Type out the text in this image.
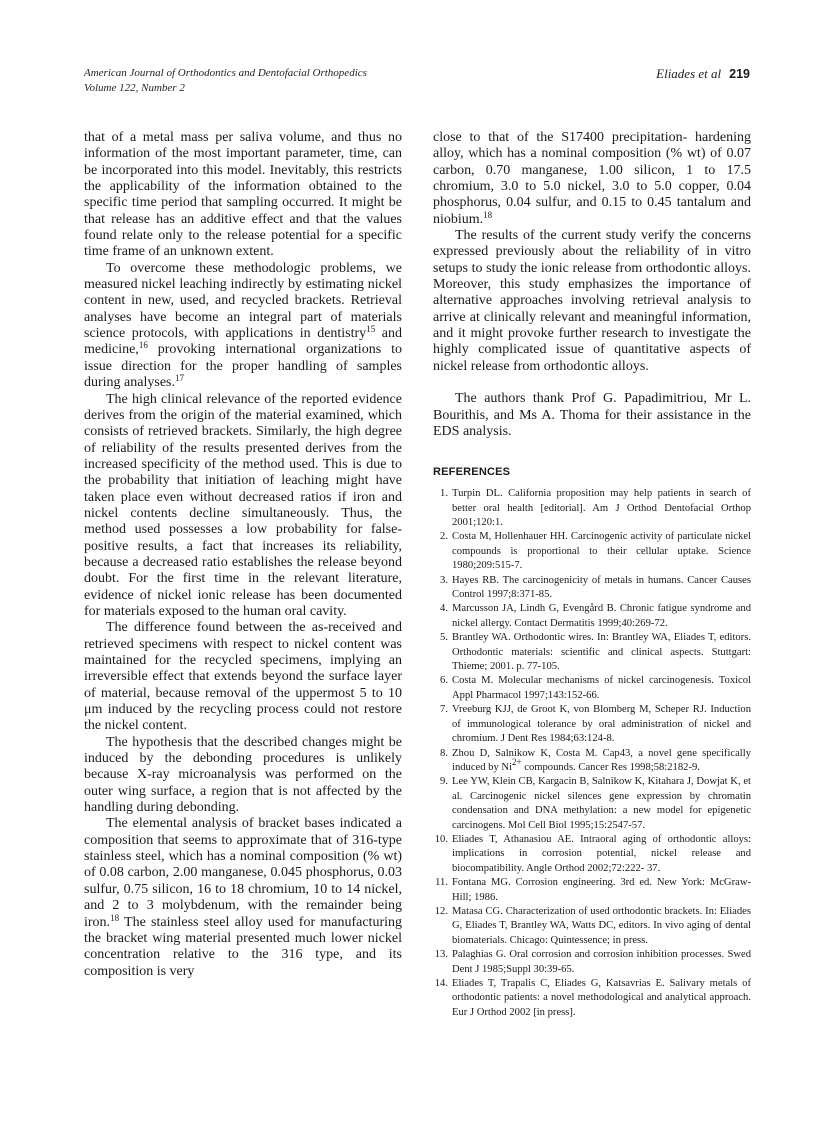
American Journal of Orthodontics and Dentofacial Orthopedics
Volume 122, Number 2
Eliades et al 219

that of a metal mass per saliva volume, and thus no information of the most important parameter, time, can be incorporated into this model. Inevitably, this restricts the applicability of the information obtained to the specific time period that sampling occurred. It might be that release has an additive effect and that the values found relate only to the release potential for a specific time frame of an unknown extent.

To overcome these methodologic problems, we measured nickel leaching indirectly by estimating nickel content in new, used, and recycled brackets. Retrieval analyses have become an integral part of materials science protocols, with applications in dentistry$^{15}$ and medicine,$^{16}$ provoking international organizations to issue direction for the proper handling of samples during analyses.$^{17}$

The high clinical relevance of the reported evidence derives from the origin of the material examined, which consists of retrieved brackets. Similarly, the high degree of reliability of the results presented derives from the increased specificity of the method used. This is due to the probability that initiation of leaching might have taken place even without decreased ratios if iron and nickel contents decline simultaneously. Thus, the method used possesses a low probability for false-positive results, a fact that increases its reliability, because a decreased ratio establishes the release beyond doubt. For the first time in the relevant literature, evidence of nickel ionic release has been documented for materials exposed to the human oral cavity.

The difference found between the as-received and retrieved specimens with respect to nickel content was maintained for the recycled specimens, implying an irreversible effect that extends beyond the surface layer of material, because removal of the uppermost 5 to 10 μm induced by the recycling process could not restore the nickel content.

The hypothesis that the described changes might be induced by the debonding procedures is unlikely because X-ray microanalysis was performed on the outer wing surface, a region that is not affected by the handling during debonding.

The elemental analysis of bracket bases indicated a composition that seems to approximate that of 316-type stainless steel, which has a nominal composition (% wt) of 0.08 carbon, 2.00 manganese, 0.045 phosphorus, 0.03 sulfur, 0.75 silicon, 16 to 18 chromium, 10 to 14 nickel, and 2 to 3 molybdenum, with the remainder being iron.$^{18}$ The stainless steel alloy used for manufacturing the bracket wing material presented much lower nickel concentration relative to the 316 type, and its composition is very

close to that of the S17400 precipitation- hardening alloy, which has a nominal composition (% wt) of 0.07 carbon, 0.70 manganese, 1.00 silicon, 1 to 17.5 chromium, 3.0 to 5.0 nickel, 3.0 to 5.0 copper, 0.04 phosphorus, 0.04 sulfur, and 0.15 to 0.45 tantalum and niobium.$^{18}$

The results of the current study verify the concerns expressed previously about the reliability of in vitro setups to study the ionic release from orthodontic alloys. Moreover, this study emphasizes the importance of alternative approaches involving retrieval analysis to arrive at clinically relevant and meaningful information, and it might provoke further research to investigate the highly complicated issue of quantitative aspects of nickel release from orthodontic alloys.

The authors thank Prof G. Papadimitriou, Mr L. Bourithis, and Ms A. Thoma for their assistance in the EDS analysis.

REFERENCES
1. Turpin DL. California proposition may help patients in search of better oral health [editorial]. Am J Orthod Dentofacial Orthop 2001;120:1.
2. Costa M, Hollenhauer HH. Carcinogenic activity of particulate nickel compounds is proportional to their cellular uptake. Science 1980;209:515-7.
3. Hayes RB. The carcinogenicity of metals in humans. Cancer Causes Control 1997;8:371-85.
4. Marcusson JA, Lindh G, Evengård B. Chronic fatigue syndrome and nickel allergy. Contact Dermatitis 1999;40:269-72.
5. Brantley WA. Orthodontic wires. In: Brantley WA, Eliades T, editors. Orthodontic materials: scientific and clinical aspects. Stuttgart: Thieme; 2001. p. 77-105.
6. Costa M. Molecular mechanisms of nickel carcinogenesis. Toxicol Appl Pharmacol 1997;143:152-66.
7. Vreeburg KJJ, de Groot K, von Blomberg M, Scheper RJ. Induction of immunological tolerance by oral administration of nickel and chromium. J Dent Res 1984;63:124-8.
8. Zhou D, Salnikow K, Costa M. Cap43, a novel gene specifically induced by $Ni^{2+}$ compounds. Cancer Res 1998;58:2182-9.
9. Lee YW, Klein CB, Kargacin B, Salnikow K, Kitahara J, Dowjat K, et al. Carcinogenic nickel silences gene expression by chromatin condensation and DNA methylation: a new model for epigenetic carcinogens. Mol Cell Biol 1995;15:2547-57.
10. Eliades T, Athanasiou AE. Intraoral aging of orthodontic alloys: implications in corrosion potential, nickel release and biocompatibility. Angle Orthod 2002;72:222- 37.
11. Fontana MG. Corrosion engineering. 3rd ed. New York: McGraw-Hill; 1986.
12. Matasa CG. Characterization of used orthodontic brackets. In: Eliades G, Eliades T, Brantley WA, Watts DC, editors. In vivo aging of dental biomaterials. Chicago: Quintessence; in press.
13. Palaghias G. Oral corrosion and corrosion inhibition processes. Swed Dent J 1985;Suppl 30:39-65.
14. Eliades T, Trapalis C, Eliades G, Katsavrias E. Salivary metals of orthodontic patients: a novel methodological and analytical approach. Eur J Orthod 2002 [in press].
